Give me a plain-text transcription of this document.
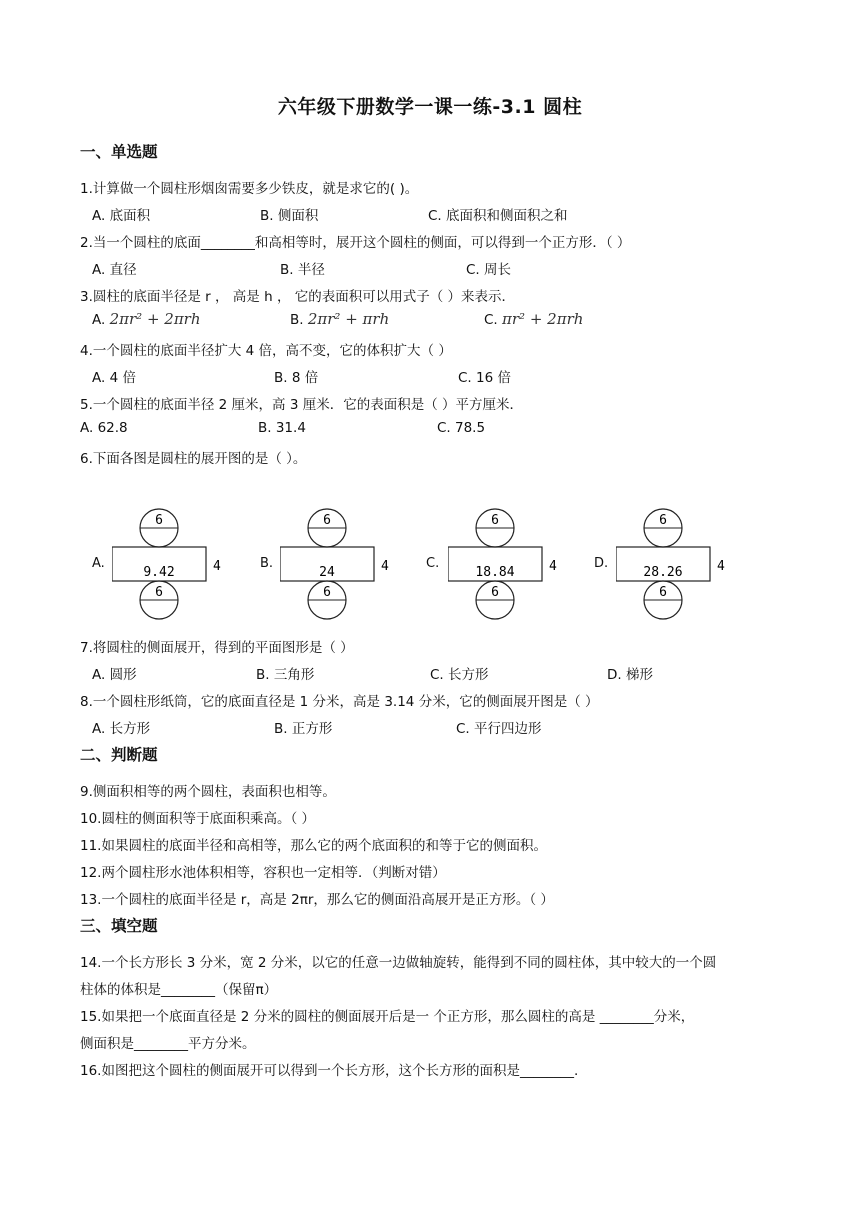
六年级下册数学一课一练-3.1 圆柱
一、单选题
1.计算做一个圆柱形烟囱需要多少铁皮，就是求它的( )。
A. 底面积	B. 侧面积	C. 底面积和侧面积之和
2.当一个圆柱的底面________和高相等时，展开这个圆柱的侧面，可以得到一个正方形．（ ）
A. 直径	B. 半径	C. 周长
3.圆柱的底面半径是 r ， 高是 h ， 它的表面积可以用式子（ ）来表示．
A. 2πr² + 2πrh	B. 2πr² + πrh	C. πr² + 2πrh
4.一个圆柱的底面半径扩大 4 倍，高不变，它的体积扩大（ ）
A. 4 倍	B. 8 倍	C. 16 倍
5.一个圆柱的底面半径 2 厘米，高 3 厘米．它的表面积是（ ）平方厘米．
A. 62.8	B. 31.4	C. 78.5
6.下面各图是圆柱的展开图的是（ ）。
A.
6
9.42	4
6
B.
6
24	4
6
C.
6
18.84	4
6
D.
6
28.26	4
6
7.将圆柱的侧面展开，得到的平面图形是（ ）
A. 圆形	B. 三角形	C. 长方形	D. 梯形
8.一个圆柱形纸筒，它的底面直径是 1 分米，高是 3.14 分米，它的侧面展开图是（ ）
A. 长方形	B. 正方形	C. 平行四边形
二、判断题
9.侧面积相等的两个圆柱，表面积也相等。
10.圆柱的侧面积等于底面积乘高。（ ）
11.如果圆柱的底面半径和高相等，那么它的两个底面积的和等于它的侧面积。
12.两个圆柱形水池体积相等，容积也一定相等．（判断对错）
13.一个圆柱的底面半径是 r，高是 2πr，那么它的侧面沿高展开是正方形。（ ）
三、填空题
14.一个长方形长 3 分米，宽 2 分米，以它的任意一边做轴旋转，能得到不同的圆柱体，其中较大的一个圆
柱体的体积是________（保留π）
15.如果把一个底面直径是 2 分米的圆柱的侧面展开后是一 个正方形，那么圆柱的高是 ________分米，
侧面积是________平方分米。
16.如图把这个圆柱的侧面展开可以得到一个长方形，这个长方形的面积是________.
